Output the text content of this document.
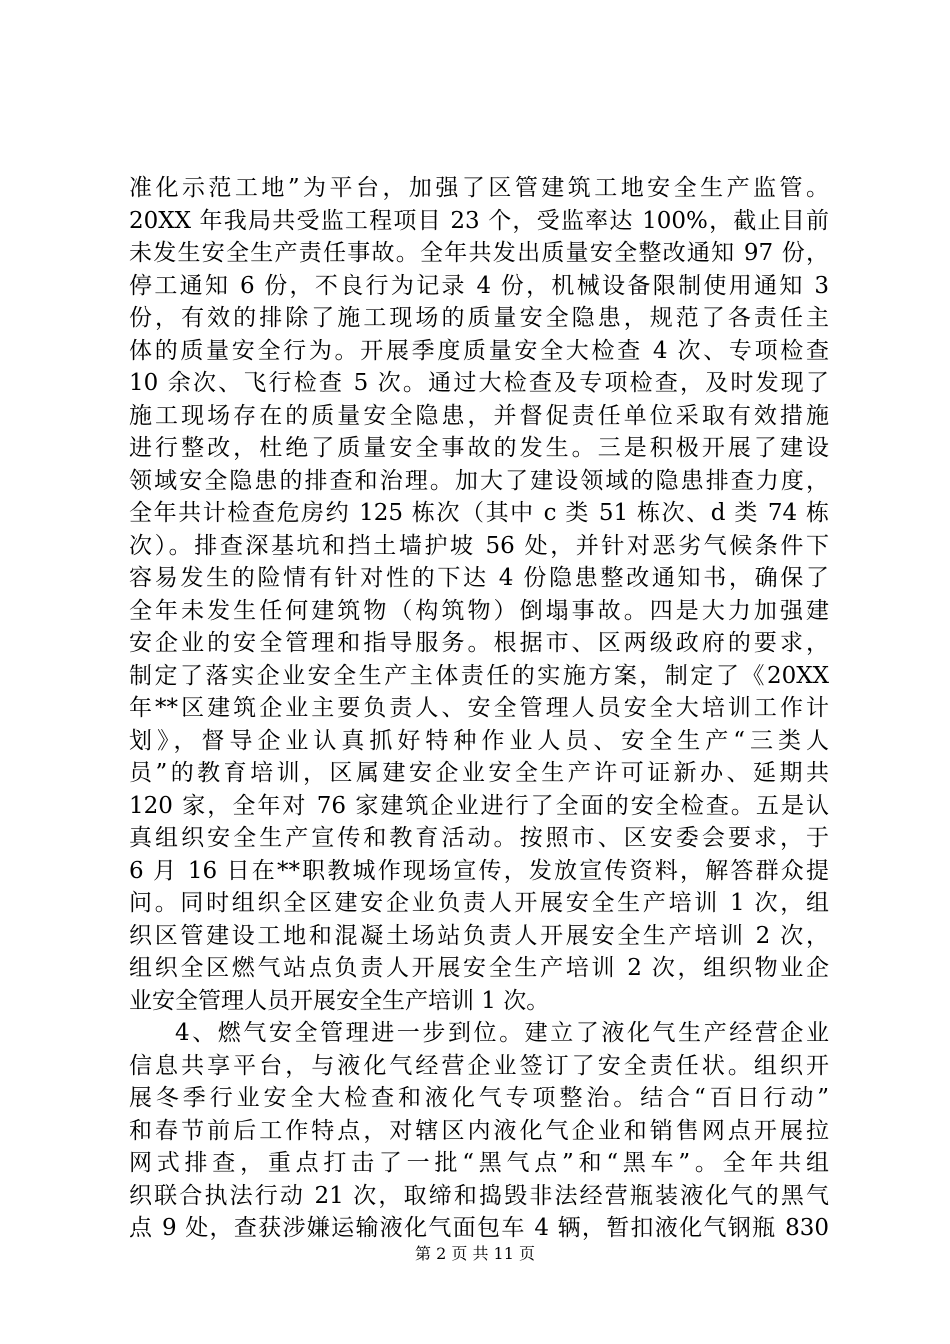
准化示范工地”为平台，加强了区管建筑工地安全生产监管。
20XX 年我局共受监工程项目 23 个，受监率达 100%，截止目前
未发生安全生产责任事故。全年共发出质量安全整改通知 97 份，
停工通知 6 份，不良行为记录 4 份，机械设备限制使用通知 3
份，有效的排除了施工现场的质量安全隐患，规范了各责任主
体的质量安全行为。开展季度质量安全大检查 4 次、专项检查
10 余次、飞行检查 5 次。通过大检查及专项检查，及时发现了
施工现场存在的质量安全隐患，并督促责任单位采取有效措施
进行整改，杜绝了质量安全事故的发生。三是积极开展了建设
领域安全隐患的排查和治理。加大了建设领域的隐患排查力度，
全年共计检查危房约 125 栋次（其中 c 类 51 栋次、d 类 74 栋
次）。排查深基坑和挡土墙护坡 56 处，并针对恶劣气候条件下
容易发生的险情有针对性的下达 4 份隐患整改通知书，确保了
全年未发生任何建筑物（构筑物）倒塌事故。四是大力加强建
安企业的安全管理和指导服务。根据市、区两级政府的要求，
制定了落实企业安全生产主体责任的实施方案，制定了《20XX
年**区建筑企业主要负责人、安全管理人员安全大培训工作计
划》，督导企业认真抓好特种作业人员、安全生产“三类人
员”的教育培训，区属建安企业安全生产许可证新办、延期共
120 家，全年对 76 家建筑企业进行了全面的安全检查。五是认
真组织安全生产宣传和教育活动。按照市、区安委会要求，于
6 月 16 日在**职教城作现场宣传，发放宣传资料，解答群众提
问。同时组织全区建安企业负责人开展安全生产培训 1 次，组
织区管建设工地和混凝土场站负责人开展安全生产培训 2 次，
组织全区燃气站点负责人开展安全生产培训 2 次，组织物业企
业安全管理人员开展安全生产培训 1 次。
4、燃气安全管理进一步到位。建立了液化气生产经营企业
信息共享平台，与液化气经营企业签订了安全责任状。组织开
展冬季行业安全大检查和液化气专项整治。结合“百日行动”
和春节前后工作特点，对辖区内液化气企业和销售网点开展拉
网式排查，重点打击了一批“黑气点”和“黑车”。全年共组
织联合执法行动 21 次，取缔和捣毁非法经营瓶装液化气的黑气
点 9 处，查获涉嫌运输液化气面包车 4 辆，暂扣液化气钢瓶 830
第 2 页 共 11 页
